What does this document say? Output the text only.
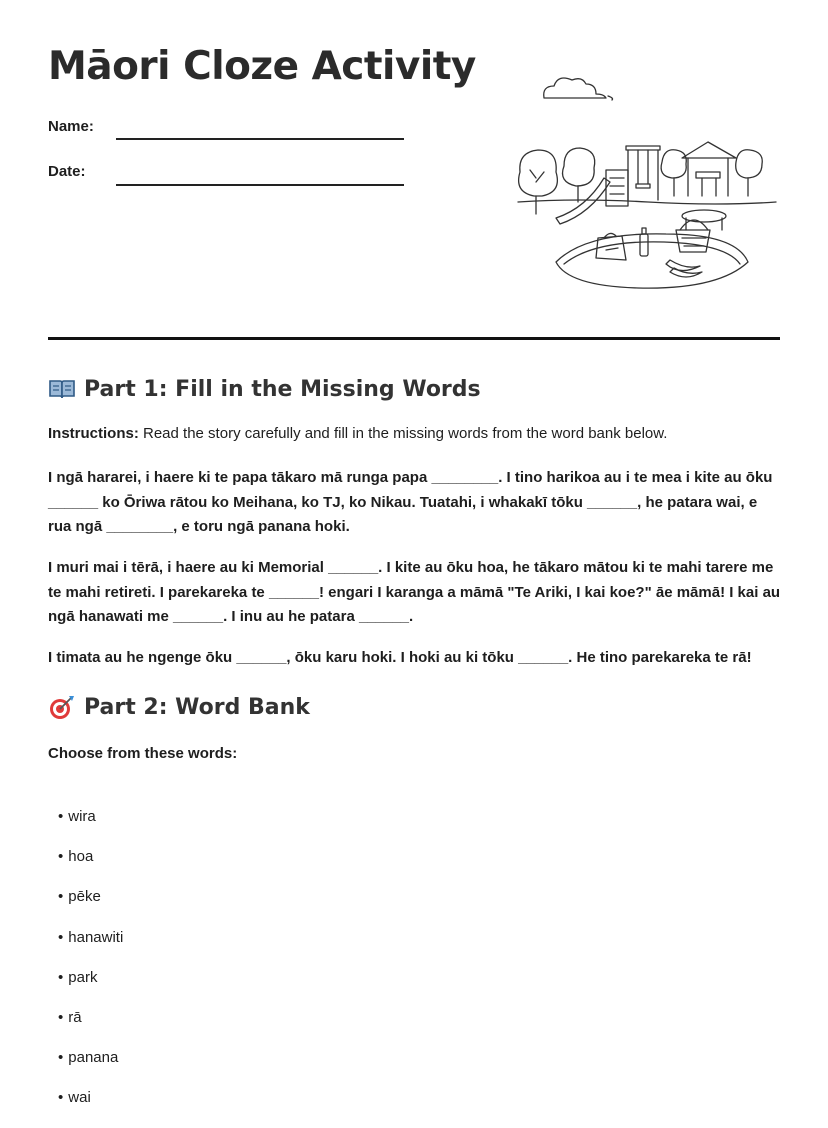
Māori Cloze Activity
Name:
Date:
Part 1: Fill in the Missing Words

Instructions: Read the story carefully and fill in the missing words from the word bank below.

I ngā hararei, i haere ki te papa tākaro mā runga papa ________. I tino harikoa au i te mea i kite au ōku ______ ko Ōriwa rātou ko Meihana, ko TJ, ko Nikau. Tuatahi, i whakakī tōku ______, he patara wai, e rua ngā ________, e toru ngā panana hoki.

I muri mai i tērā, i haere au ki Memorial ______. I kite au ōku hoa, he tākaro mātou ki te mahi tarere me te mahi retireti. I parekareka te ______! engari I karanga a māmā "Te Ariki, I kai koe?" āe māmā! I kai au ngā hanawati me ______. I inu au he patara ______.

I timata au he ngenge ōku ______, ōku karu hoki. I hoki au ki tōku ______. He tino parekareka te rā!

Part 2: Word Bank

Choose from these words:

• wira
• hoa
• pēke
• hanawiti
• park
• rā
• panana
• wai
